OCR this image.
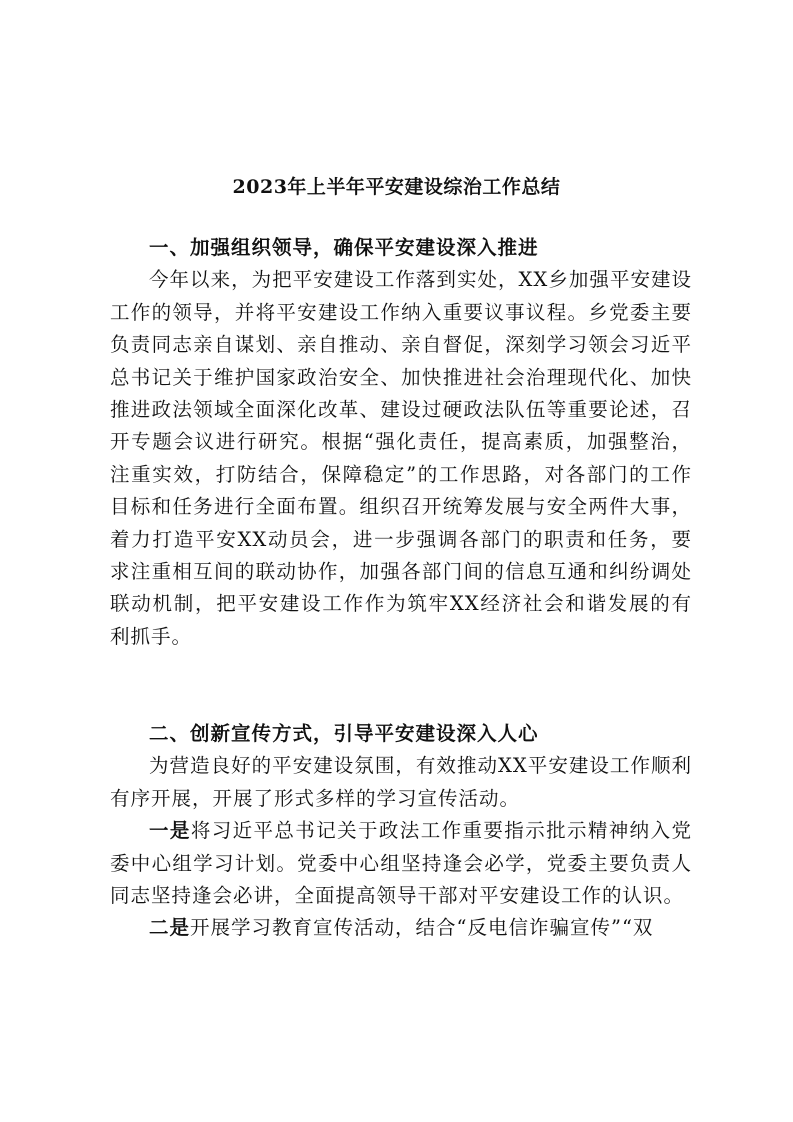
2023年上半年平安建设综治工作总结
一、加强组织领导，确保平安建设深入推进
今年以来，为把平安建设工作落到实处，XX乡加强平安建设工作的领导，并将平安建设工作纳入重要议事议程。乡党委主要负责同志亲自谋划、亲自推动、亲自督促，深刻学习领会习近平总书记关于维护国家政治安全、加快推进社会治理现代化、加快推进政法领域全面深化改革、建设过硬政法队伍等重要论述，召开专题会议进行研究。根据“强化责任，提高素质，加强整治，注重实效，打防结合，保障稳定”的工作思路，对各部门的工作目标和任务进行全面布置。组织召开统筹发展与安全两件大事，着力打造平安XX动员会，进一步强调各部门的职责和任务，要求注重相互间的联动协作，加强各部门间的信息互通和纠纷调处联动机制，把平安建设工作作为筑牢XX经济社会和谐发展的有利抓手。
二、创新宣传方式，引导平安建设深入人心
为营造良好的平安建设氛围，有效推动XX平安建设工作顺利有序开展，开展了形式多样的学习宣传活动。
一是将习近平总书记关于政法工作重要指示批示精神纳入党委中心组学习计划。党委中心组坚持逢会必学，党委主要负责人同志坚持逢会必讲，全面提高领导干部对平安建设工作的认识。
二是开展学习教育宣传活动，结合“反电信诈骗宣传”“双
